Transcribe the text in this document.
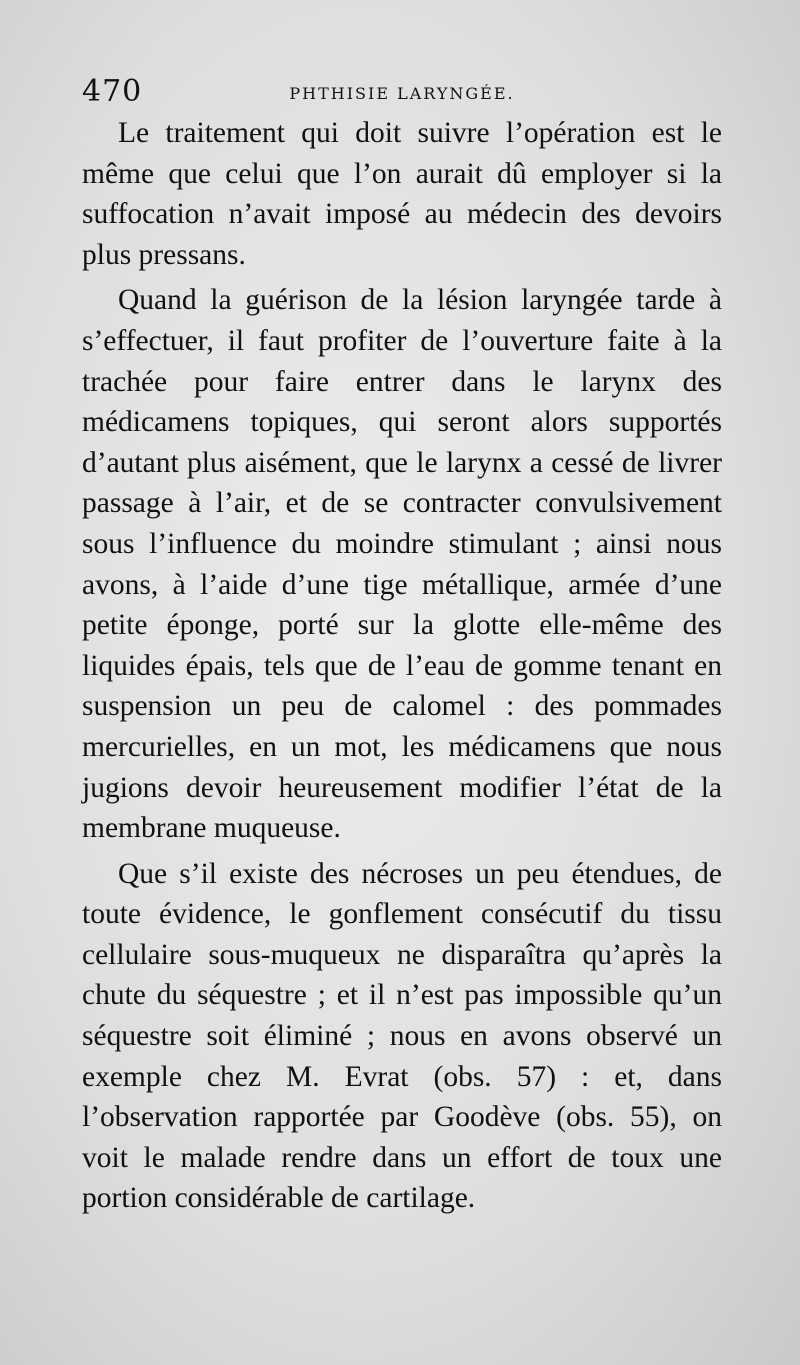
470	PHTHISIE LARYNGÉE.

Le traitement qui doit suivre l’opération est le même que celui que l’on aurait dû employer si la suffocation n’avait imposé au médecin des devoirs plus pressans.

Quand la guérison de la lésion laryngée tarde à s’effectuer, il faut profiter de l’ouverture faite à la trachée pour faire entrer dans le larynx des médicamens topiques, qui seront alors supportés d’autant plus aisément, que le larynx a cessé de livrer passage à l’air, et de se contracter convulsivement sous l’influence du moindre stimulant ; ainsi nous avons, à l’aide d’une tige métallique, armée d’une petite éponge, porté sur la glotte elle-même des liquides épais, tels que de l’eau de gomme tenant en suspension un peu de calomel : des pommades mercurielles, en un mot, les médicamens que nous jugions devoir heureusement modifier l’état de la membrane muqueuse.

Que s’il existe des nécroses un peu étendues, de toute évidence, le gonflement consécutif du tissu cellulaire sous-muqueux ne disparaîtra qu’après la chute du séquestre ; et il n’est pas impossible qu’un séquestre soit éliminé ; nous en avons observé un exemple chez M. Evrat (obs. 57) : et, dans l’observation rapportée par Goodève (obs. 55), on voit le malade rendre dans un effort de toux une portion considérable de cartilage.
